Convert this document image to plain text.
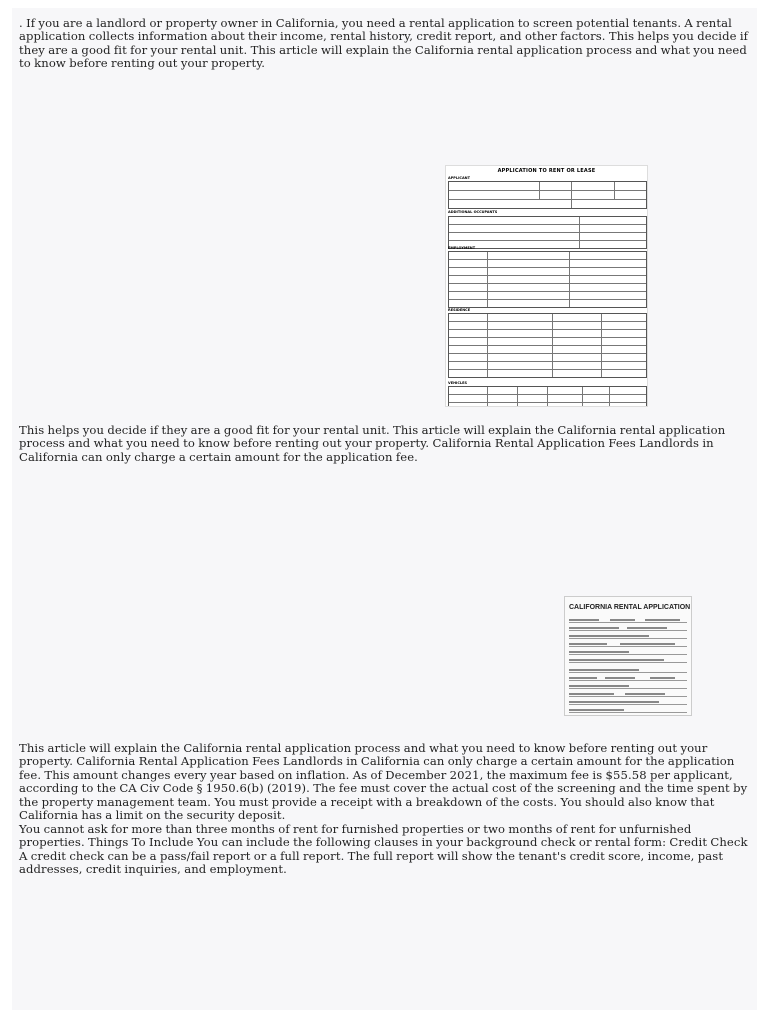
. If you are a landlord or property owner in California, you need a rental application to screen potential tenants. A rental application collects information about their income, rental history, credit report, and other factors. This helps you decide if they are a good fit for your rental unit. This article will explain the California rental application process and what you need to know before renting out your property.

APPLICATION TO RENT OR LEASE
APPLICANT
ADDITIONAL OCCUPANTS
EMPLOYMENT
RESIDENCE
VEHICLES

This helps you decide if they are a good fit for your rental unit. This article will explain the California rental application process and what you need to know before renting out your property. California Rental Application Fees Landlords in California can only charge a certain amount for the application fee.

CALIFORNIA RENTAL APPLICATION

This article will explain the California rental application process and what you need to know before renting out your property. California Rental Application Fees Landlords in California can only charge a certain amount for the application fee. This amount changes every year based on inflation. As of December 2021, the maximum fee is $55.58 per applicant, according to the CA Civ Code § 1950.6(b) (2019). The fee must cover the actual cost of the screening and the time spent by the property management team. You must provide a receipt with a breakdown of the costs. You should also know that California has a limit on the security deposit.

You cannot ask for more than three months of rent for furnished properties or two months of rent for unfurnished properties. Things To Include You can include the following clauses in your background check or rental form: Credit Check A credit check can be a pass/fail report or a full report. The full report will show the tenant's credit score, income, past addresses, credit inquiries, and employment.
